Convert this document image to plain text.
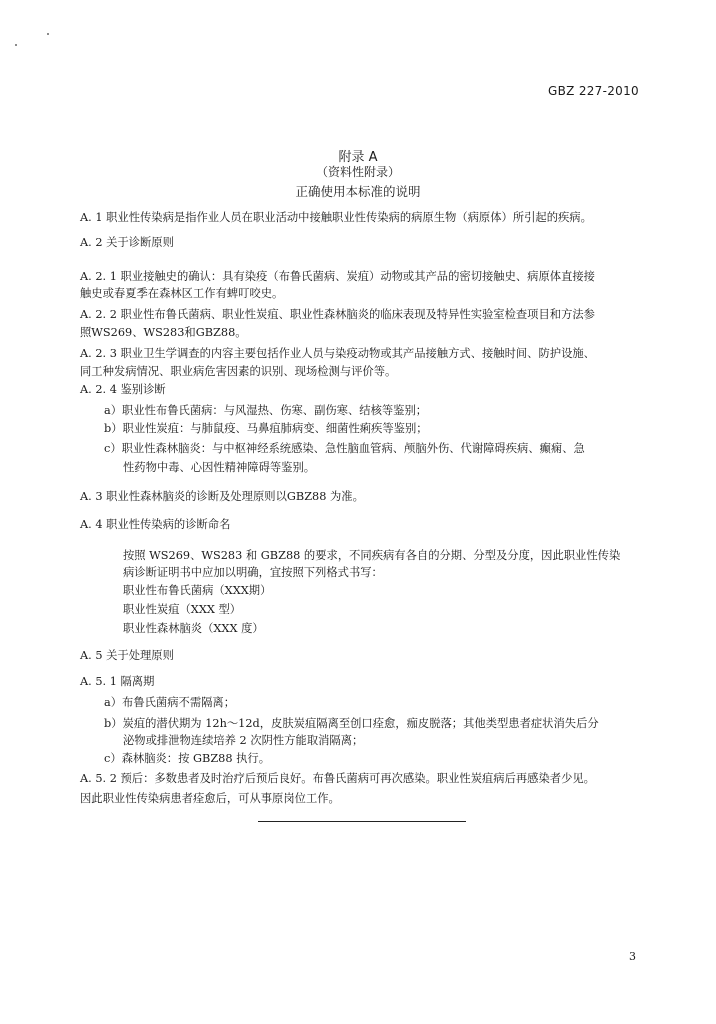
GBZ 227-2010
附录 A
（资料性附录）
正确使用本标准的说明
A. 1 职业性传染病是指作业人员在职业活动中接触职业性传染病的病原生物（病原体）所引起的疾病。
A. 2 关于诊断原则
A. 2. 1 职业接触史的确认：具有染疫（布鲁氏菌病、炭疽）动物或其产品的密切接触史、病原体直接接
触史或春夏季在森林区工作有蜱叮咬史。
A. 2. 2 职业性布鲁氏菌病、职业性炭疽、职业性森林脑炎的临床表现及特异性实验室检查项目和方法参
照WS269、WS283和GBZ88。
A. 2. 3 职业卫生学调查的内容主要包括作业人员与染疫动物或其产品接触方式、接触时间、防护设施、
同工种发病情况、职业病危害因素的识别、现场检测与评价等。
A. 2. 4 鉴别诊断
a）职业性布鲁氏菌病：与风湿热、伤寒、副伤寒、结核等鉴别；
b）职业性炭疽：与肺鼠疫、马鼻疽肺病变、细菌性痢疾等鉴别；
c）职业性森林脑炎：与中枢神经系统感染、急性脑血管病、颅脑外伤、代谢障碍疾病、癫痫、急
性药物中毒、心因性精神障碍等鉴别。
A. 3 职业性森林脑炎的诊断及处理原则以GBZ88 为准。
A. 4 职业性传染病的诊断命名
按照 WS269、WS283 和 GBZ88 的要求，不同疾病有各自的分期、分型及分度，因此职业性传染
病诊断证明书中应加以明确，宜按照下列格式书写：
职业性布鲁氏菌病（XXX期）
职业性炭疽（XXX 型）
职业性森林脑炎（XXX 度）
A. 5 关于处理原则
A. 5. 1 隔离期
a）布鲁氏菌病不需隔离；
b）炭疽的潜伏期为 12h～12d，皮肤炭疽隔离至创口痊愈，痂皮脱落；其他类型患者症状消失后分
泌物或排泄物连续培养 2 次阴性方能取消隔离；
c）森林脑炎：按 GBZ88 执行。
A. 5. 2 预后：多数患者及时治疗后预后良好。布鲁氏菌病可再次感染。职业性炭疽病后再感染者少见。
因此职业性传染病患者痊愈后，可从事原岗位工作。
3
